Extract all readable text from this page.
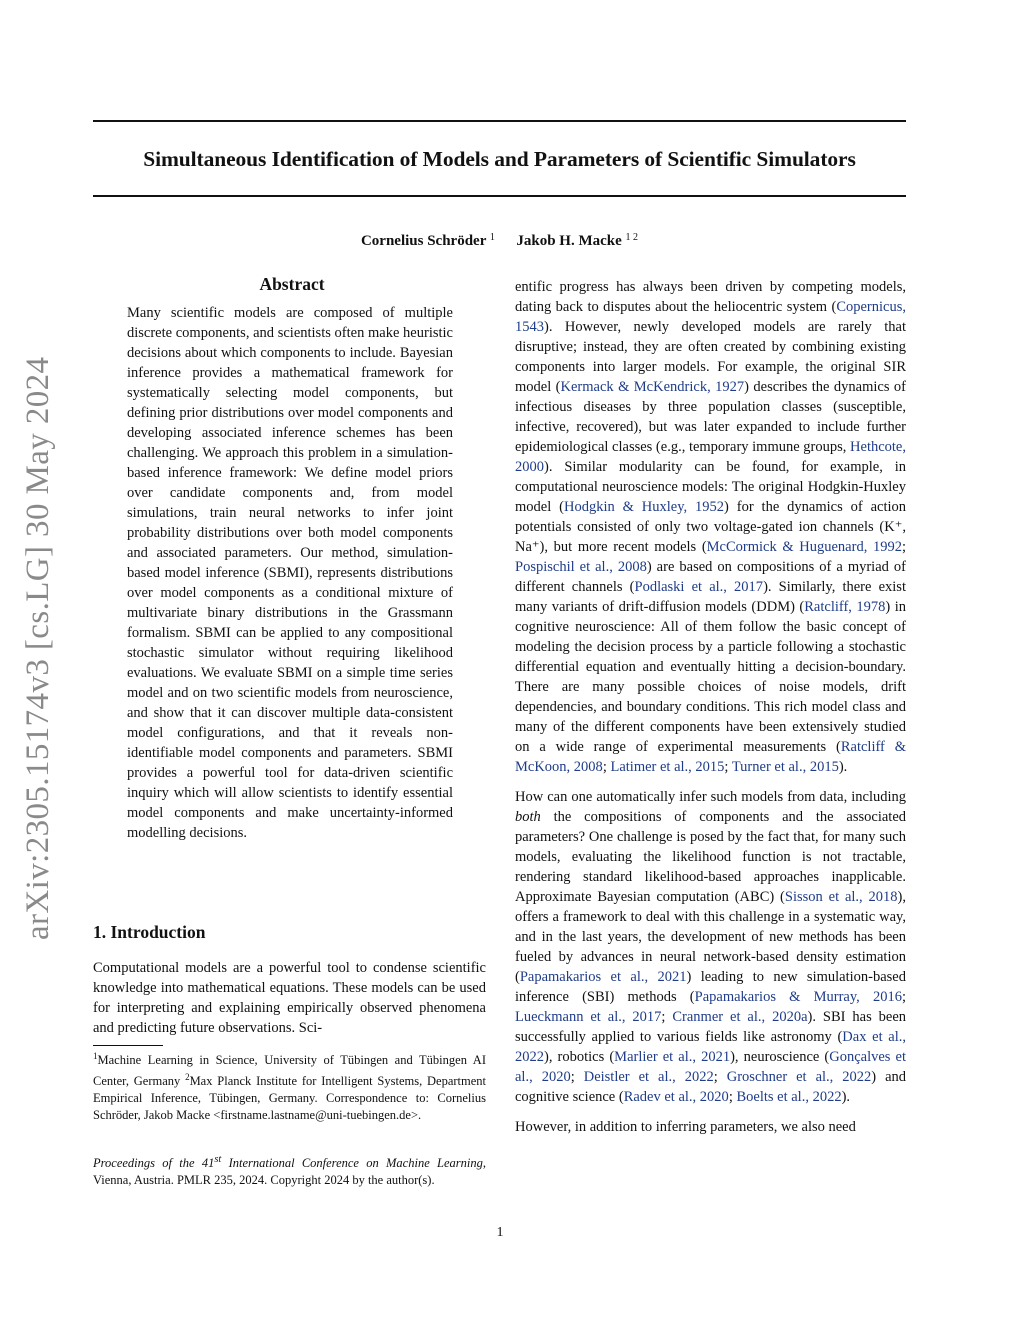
Simultaneous Identification of Models and Parameters of Scientific Simulators
Cornelius Schröder $^1$ Jakob H. Macke $^{1 2}$
arXiv:2305.15174v3 [cs.LG] 30 May 2024
Abstract
Many scientific models are composed of multiple discrete components, and scientists often make heuristic decisions about which components to include. Bayesian inference provides a mathematical framework for systematically selecting model components, but defining prior distributions over model components and developing associated inference schemes has been challenging. We approach this problem in a simulation-based inference framework: We define model priors over candidate components and, from model simulations, train neural networks to infer joint probability distributions over both model components and associated parameters. Our method, simulation-based model inference (SBMI), represents distributions over model components as a conditional mixture of multivariate binary distributions in the Grassmann formalism. SBMI can be applied to any compositional stochastic simulator without requiring likelihood evaluations. We evaluate SBMI on a simple time series model and on two scientific models from neuroscience, and show that it can discover multiple data-consistent model configurations, and that it reveals non-identifiable model components and parameters. SBMI provides a powerful tool for data-driven scientific inquiry which will allow scientists to identify essential model components and make uncertainty-informed modelling decisions.
1. Introduction

Computational models are a powerful tool to condense scientific knowledge into mathematical equations. These models can be used for interpreting and explaining empirically observed phenomena and predicting future observations. Sci-

$^1$Machine Learning in Science, University of Tübingen and Tübingen AI Center, Germany $^2$Max Planck Institute for Intelligent Systems, Department Empirical Inference, Tübingen, Germany. Correspondence to: Cornelius Schröder, Jakob Macke <firstname.lastname@uni-tuebingen.de>.

Proceedings of the 41st International Conference on Machine Learning, Vienna, Austria. PMLR 235, 2024. Copyright 2024 by the author(s).

entific progress has always been driven by competing models, dating back to disputes about the heliocentric system (Copernicus, 1543). However, newly developed models are rarely that disruptive; instead, they are often created by combining existing components into larger models. For example, the original SIR model (Kermack & McKendrick, 1927) describes the dynamics of infectious diseases by three population classes (susceptible, infective, recovered), but was later expanded to include further epidemiological classes (e.g., temporary immune groups, Hethcote, 2000). Similar modularity can be found, for example, in computational neuroscience models: The original Hodgkin-Huxley model (Hodgkin & Huxley, 1952) for the dynamics of action potentials consisted of only two voltage-gated ion channels (K⁺, Na⁺), but more recent models (McCormick & Huguenard, 1992; Pospischil et al., 2008) are based on compositions of a myriad of different channels (Podlaski et al., 2017). Similarly, there exist many variants of drift-diffusion models (DDM) (Ratcliff, 1978) in cognitive neuroscience: All of them follow the basic concept of modeling the decision process by a particle following a stochastic differential equation and eventually hitting a decision-boundary. There are many possible choices of noise models, drift dependencies, and boundary conditions. This rich model class and many of the different components have been extensively studied on a wide range of experimental measurements (Ratcliff & McKoon, 2008; Latimer et al., 2015; Turner et al., 2015).

How can one automatically infer such models from data, including both the compositions of components and the associated parameters? One challenge is posed by the fact that, for many such models, evaluating the likelihood function is not tractable, rendering standard likelihood-based approaches inapplicable. Approximate Bayesian computation (ABC) (Sisson et al., 2018), offers a framework to deal with this challenge in a systematic way, and in the last years, the development of new methods has been fueled by advances in neural network-based density estimation (Papamakarios et al., 2021) leading to new simulation-based inference (SBI) methods (Papamakarios & Murray, 2016; Lueckmann et al., 2017; Cranmer et al., 2020a). SBI has been successfully applied to various fields like astronomy (Dax et al., 2022), robotics (Marlier et al., 2021), neuroscience (Gonçalves et al., 2020; Deistler et al., 2022; Groschner et al., 2022) and cognitive science (Radev et al., 2020; Boelts et al., 2022).

However, in addition to inferring parameters, we also need

1
